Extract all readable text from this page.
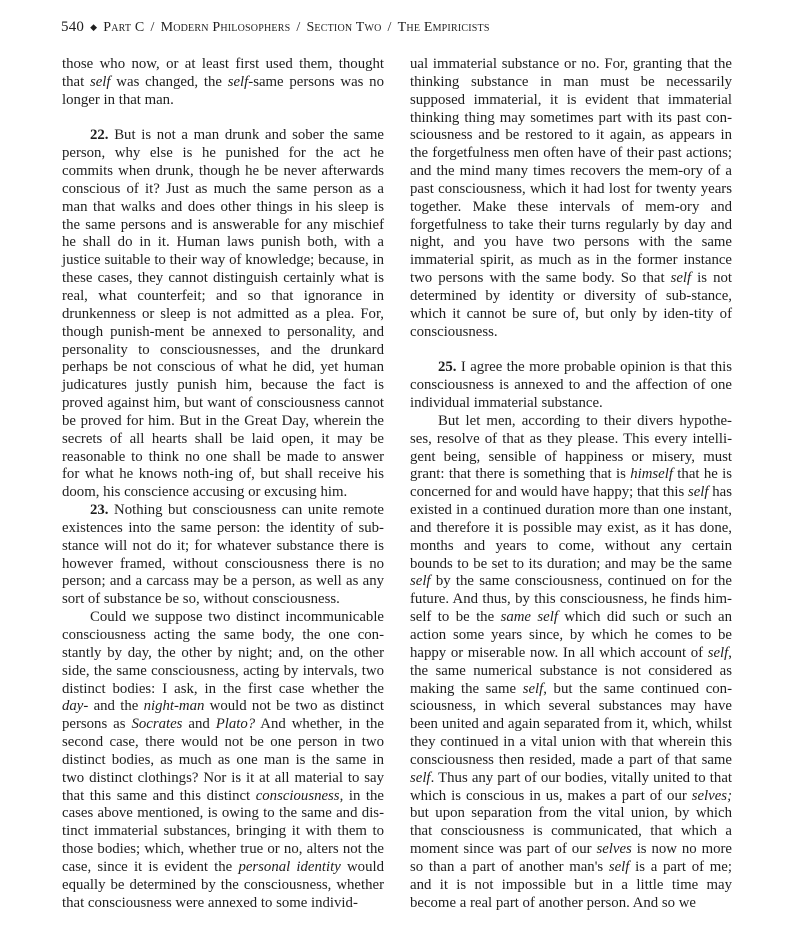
540 ◆ Part C / Modern Philosophers / Section Two / The Empiricists

those who now, or at least first used them, thought that self was changed, the self-same persons was no longer in that man.

22. But is not a man drunk and sober the same person, why else is he punished for the act he commits when drunk, though he be never afterwards conscious of it? Just as much the same person as a man that walks and does other things in his sleep is the same persons and is answerable for any mischief he shall do in it. Human laws punish both, with a justice suitable to their way of knowledge; because, in these cases, they cannot distinguish certainly what is real, what counterfeit; and so that ignorance in drunkenness or sleep is not admitted as a plea. For, though punish-ment be annexed to personality, and personality to consciousnesses, and the drunkard perhaps be not conscious of what he did, yet human judicatures justly punish him, because the fact is proved against him, but want of consciousness cannot be proved for him. But in the Great Day, wherein the secrets of all hearts shall be laid open, it may be reasonable to think no one shall be made to answer for what he knows noth-ing of, but shall receive his doom, his conscience accusing or excusing him.

23. Nothing but consciousness can unite remote existences into the same person: the identity of sub-stance will not do it; for whatever substance there is however framed, without consciousness there is no person; and a carcass may be a person, as well as any sort of substance be so, without consciousness.

Could we suppose two distinct incommunicable consciousness acting the same body, the one con-stantly by day, the other by night; and, on the other side, the same consciousness, acting by intervals, two distinct bodies: I ask, in the first case whether the day- and the night-man would not be two as distinct persons as Socrates and Plato? And whether, in the second case, there would not be one person in two distinct bodies, as much as one man is the same in two distinct clothings? Nor is it at all material to say that this same and this distinct consciousness, in the cases above mentioned, is owing to the same and dis-tinct immaterial substances, bringing it with them to those bodies; which, whether true or no, alters not the case, since it is evident the personal identity would equally be determined by the consciousness, whether that consciousness were annexed to some individ-

ual immaterial substance or no. For, granting that the thinking substance in man must be necessarily supposed immaterial, it is evident that immaterial thinking thing may sometimes part with its past con-sciousness and be restored to it again, as appears in the forgetfulness men often have of their past actions; and the mind many times recovers the mem-ory of a past consciousness, which it had lost for twenty years together. Make these intervals of mem-ory and forgetfulness to take their turns regularly by day and night, and you have two persons with the same immaterial spirit, as much as in the former instance two persons with the same body. So that self is not determined by identity or diversity of sub-stance, which it cannot be sure of, but only by iden-tity of consciousness.

25. I agree the more probable opinion is that this consciousness is annexed to and the affection of one individual immaterial substance.

But let men, according to their divers hypothe-ses, resolve of that as they please. This every intelli-gent being, sensible of happiness or misery, must grant: that there is something that is himself that he is concerned for and would have happy; that this self has existed in a continued duration more than one instant, and therefore it is possible may exist, as it has done, months and years to come, without any certain bounds to be set to its duration; and may be the same self by the same consciousness, continued on for the future. And thus, by this consciousness, he finds him-self to be the same self which did such or such an action some years since, by which he comes to be happy or miserable now. In all which account of self, the same numerical substance is not considered as making the same self, but the same continued con-sciousness, in which several substances may have been united and again separated from it, which, whilst they continued in a vital union with that wherein this consciousness then resided, made a part of that same self. Thus any part of our bodies, vitally united to that which is conscious in us, makes a part of our selves; but upon separation from the vital union, by which that consciousness is communicated, that which a moment since was part of our selves is now no more so than a part of another man's self is a part of me; and it is not impossible but in a little time may become a real part of another person. And so we
